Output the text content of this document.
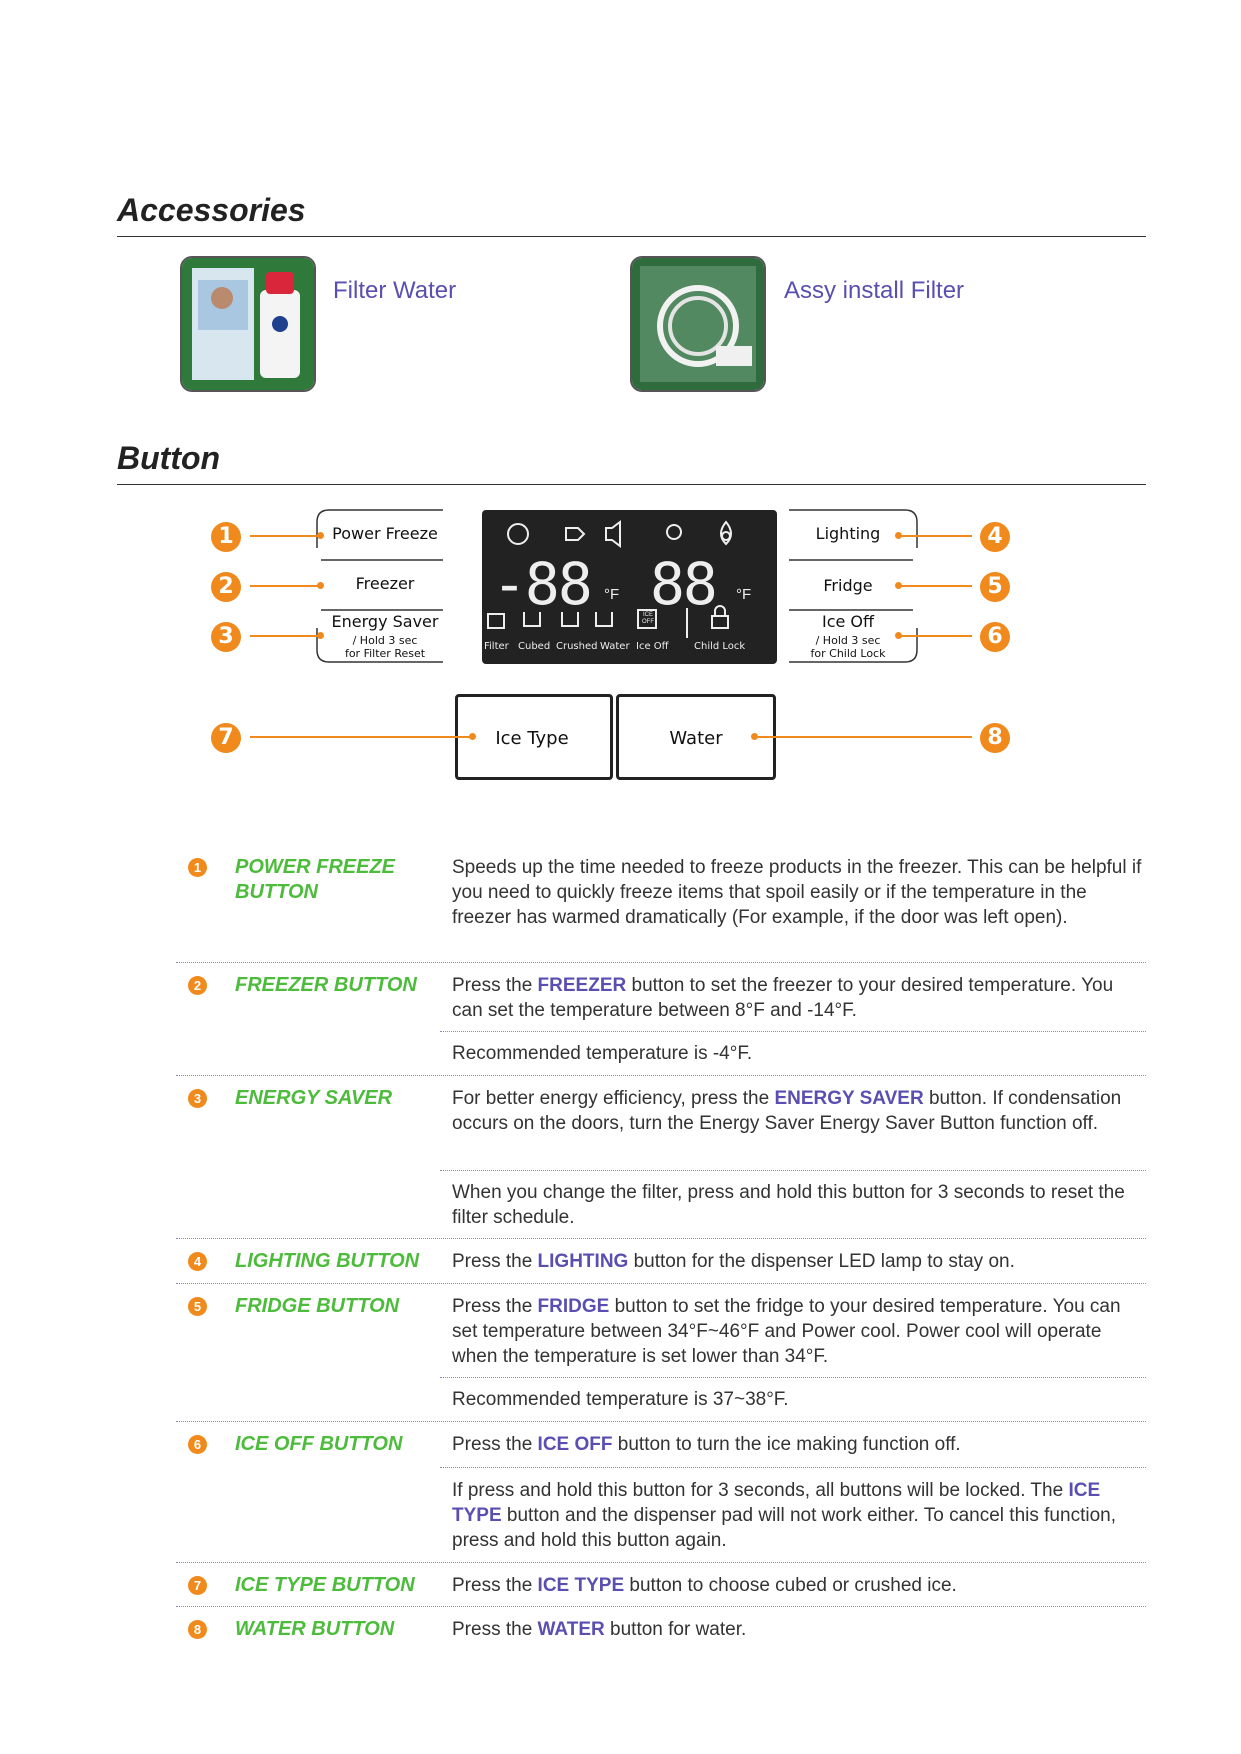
Accessories
Filter Water	Assy install Filter
Button
Power Freeze
Freezer
Energy Saver
/ Hold 3 sec
for Filter Reset
-88 °F 88 °F
ICE
OFF
Filter Cubed Crushed Water Ice Off	Child Lock
Lighting
Fridge
Ice Off
/ Hold 3 sec
for Child Lock
Ice Type	Water
1
2
3
4
5
6
7	8
1 POWER FREEZE BUTTON
Speeds up the time needed to freeze products in the freezer. This can be helpful if you need to quickly freeze items that spoil easily or if the temperature in the freezer has warmed dramatically (For example, if the door was left open).
2 FREEZER BUTTON Press the FREEZER button to set the freezer to your desired temperature. You can set the temperature between 8°F and -14°F.
Recommended temperature is -4°F.
3 ENERGY SAVER	For better energy efficiency, press the ENERGY SAVER button. If condensation occurs on the doors, turn the Energy Saver Energy Saver Button function off.
When you change the filter, press and hold this button for 3 seconds to reset the filter schedule.
4 LIGHTING BUTTON Press the LIGHTING button for the dispenser LED lamp to stay on.
5 FRIDGE BUTTON	Press the FRIDGE button to set the fridge to your desired temperature. You can set temperature between 34°F~46°F and Power cool. Power cool will operate when the temperature is set lower than 34°F.
Recommended temperature is 37~38°F.
6 ICE OFF BUTTON	Press the ICE OFF button to turn the ice making function off.
If press and hold this button for 3 seconds, all buttons will be locked. The ICE TYPE button and the dispenser pad will not work either. To cancel this function, press and hold this button again.
7 ICE TYPE BUTTON Press the ICE TYPE button to choose cubed or crushed ice.
8 WATER BUTTON	Press the WATER button for water.
